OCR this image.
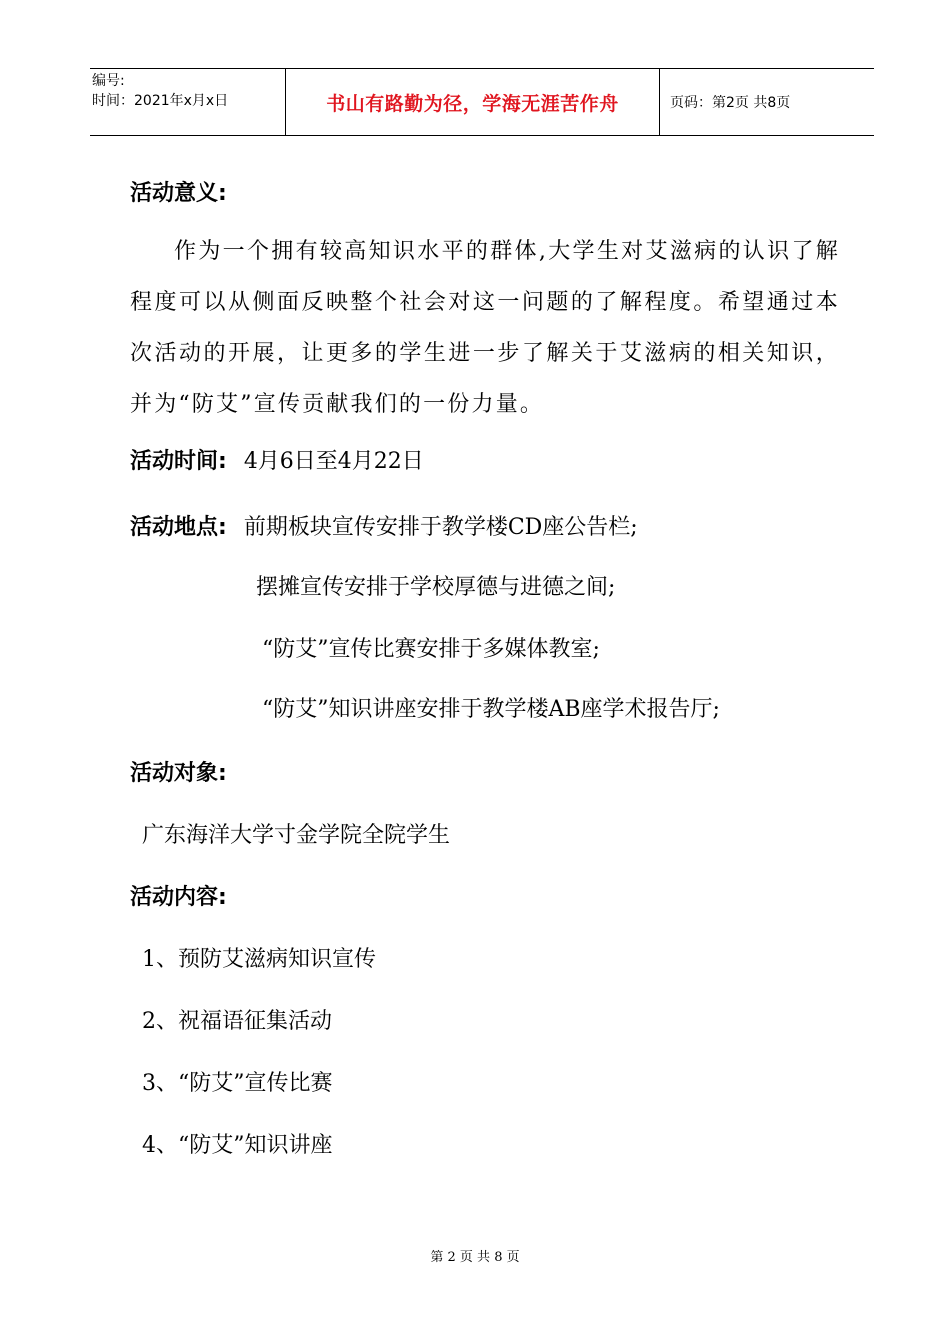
编号:
时间：2021年x月x日	书山有路勤为径，学海无涯苦作舟	页码：第2页 共8页
活动意义:
作为一个拥有较高知识水平的群体,大学生对艾滋病的认识了解程度可以从侧面反映整个社会对这一问题的了解程度。希望通过本次活动的开展，让更多的学生进一步了解关于艾滋病的相关知识，并为“防艾”宣传贡献我们的一份力量。
活动时间: 4月6日至4月22日
活动地点: 前期板块宣传安排于教学楼CD座公告栏;
摆摊宣传安排于学校厚德与进德之间;
“防艾”宣传比赛安排于多媒体教室;
“防艾”知识讲座安排于教学楼AB座学术报告厅;
活动对象:
广东海洋大学寸金学院全院学生
活动内容:
1、预防艾滋病知识宣传
2、祝福语征集活动
3、“防艾”宣传比赛
4、“防艾”知识讲座
第 2 页 共 8 页
